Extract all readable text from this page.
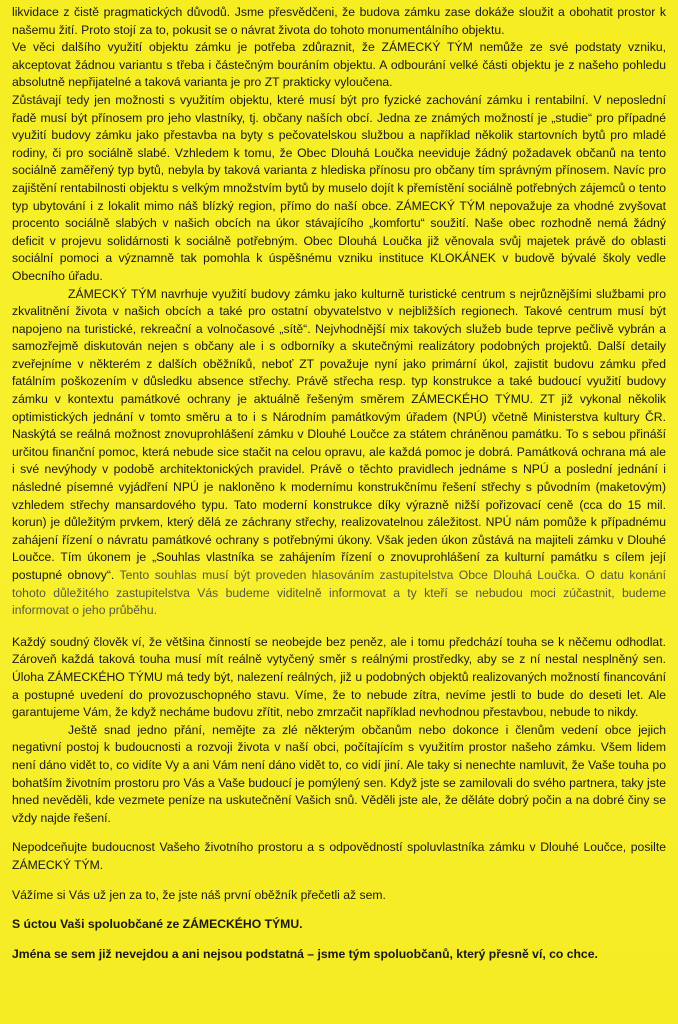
likvidace z čistě pragmatických důvodů. Jsme přesvědčeni, že budova zámku zase dokáže sloužit a obohatit prostor k našemu žití. Proto stojí za to, pokusit se o návrat života do tohoto monumentálního objektu.

Ve věci dalšího využití objektu zámku je potřeba zdůraznit, že ZÁMECKÝ TÝM nemůže ze své podstaty vzniku, akceptovat žádnou variantu s třeba i částečným bouráním objektu. A odbourání velké části objektu je z našeho pohledu absolutně nepřijatelné a taková varianta je pro ZT prakticky vyloučena.

Zůstávají tedy jen možnosti s využitím objektu, které musí být pro fyzické zachování zámku i rentabilní. V neposlední řadě musí být přínosem pro jeho vlastníky, tj. občany naších obcí. Jedna ze známých možností je „studie“ pro případné využití budovy zámku jako přestavba na byty s pečovatelskou službou a například několik startovních bytů pro mladé rodiny, či pro sociálně slabé. Vzhledem k tomu, že Obec Dlouhá Loučka neeviduje žádný požadavek občanů na tento sociálně zaměřený typ bytů, nebyla by taková varianta z hlediska přínosu pro občany tím správným přínosem. Navíc pro zajištění rentabilnosti objektu s velkým množstvím bytů by muselo dojít k přemístění sociálně potřebných zájemců o tento typ ubytování i z lokalit mimo náš blízký region, přímo do naší obce. ZÁMECKÝ TÝM nepovažuje za vhodné zvyšovat procento sociálně slabých v našich obcích na úkor stávajícího „komfortu“ soužití. Naše obec rozhodně nemá žádný deficit v projevu solidárnosti k sociálně potřebným. Obec Dlouhá Loučka již věnovala svůj majetek právě do oblasti sociální pomoci a významně tak pomohla k úspěšnému vzniku instituce KLOKÁNEK v budově bývalé školy vedle Obecního úřadu.

ZÁMECKÝ TÝM navrhuje využití budovy zámku jako kulturně turistické centrum s nejrůznějšími službami pro zkvalitnění života v našich obcích a také pro ostatní obyvatelstvo v nejbližších regionech. Takové centrum musí být napojeno na turistické, rekreační a volnočasové „sítě“. Nejvhodnější mix takových služeb bude teprve pečlivě vybrán a samozřejmě diskutován nejen s občany ale i s odborníky a skutečnými realizátory podobných projektů. Další detaily zveřejníme v některém z dalších oběžníků, neboť ZT považuje nyní jako primární úkol, zajistit budovu zámku před fatálním poškozením v důsledku absence střechy. Právě střecha resp. typ konstrukce a také budoucí využití budovy zámku v kontextu památkové ochrany je aktuálně řešeným směrem ZÁMECKÉHO TÝMU. ZT již vykonal několik optimistických jednání v tomto směru a to i s Národním památkovým úřadem (NPÚ) včetně Ministerstva kultury ČR. Naskýtá se reálná možnost znovuprohlášení zámku v Dlouhé Loučce za státem chráněnou památku. To s sebou přináší určitou finanční pomoc, která nebude sice stačit na celou opravu, ale každá pomoc je dobrá. Památková ochrana má ale i své nevýhody v podobě architektonických pravidel. Právě o těchto pravidlech jednáme s NPÚ a poslední jednání i následné písemné vyjádření NPÚ je nakloněno k modernímu konstrukčnímu řešení střechy s původním (maketovým) vzhledem střechy mansardového typu. Tato moderní konstrukce díky výrazně nižší pořizovací ceně (cca do 15 mil. korun) je důležitým prvkem, který dělá ze záchrany střechy, realizovatelnou záležitost. NPÚ nám pomůže k případnému zahájení řízení o návratu památkové ochrany s potřebnými úkony. Však jeden úkon zůstává na majiteli zámku v Dlouhé Loučce. Tím úkonem je „Souhlas vlastníka se zahájením řízení o znovuprohlášení za kulturní památku s cílem její postupné obnovy“. Tento souhlas musí být proveden hlasováním zastupitelstva Obce Dlouhá Loučka. O datu konání tohoto důležitého zastupitelstva Vás budeme viditelně informovat a ty kteří se nebudou moci zúčastnit, budeme informovat o jeho průběhu.

Každý soudný člověk ví, že většina činností se neobejde bez peněz, ale i tomu předchází touha se k něčemu odhodlat. Zároveň každá taková touha musí mít reálně vytyčený směr s reálnými prostředky, aby se z ní nestal nesplněný sen. Úloha ZÁMECKÉHO TÝMU má tedy být, nalezení reálných, již u podobných objektů realizovaných možností financování a postupné uvedení do provozuschopného stavu. Víme, že to nebude zítra, nevíme jestli to bude do deseti let. Ale garantujeme Vám, že když necháme budovu zřítit, nebo zmrzačit například nevhodnou přestavbou, nebude to nikdy.

Ještě snad jedno přání, nemějte za zlé některým občanům nebo dokonce i členům vedení obce jejich negativní postoj k budoucnosti a rozvoji života v naší obci, počítajícím s využitím prostor našeho zámku. Všem lidem není dáno vidět to, co vidíte Vy a ani Vám není dáno vidět to, co vidí jiní. Ale taky si nenechte namluvit, že Vaše touha po bohatším životním prostoru pro Vás a Vaše budoucí je pomýlený sen. Když jste se zamilovali do svého partnera, taky jste hned nevěděli, kde vezmete peníze na uskutečnění Vašich snů. Věděli jste ale, že děláte dobrý počin a na dobré činy se vždy najde řešení.

Nepodceňujte budoucnost Vašeho životního prostoru a s odpovědností spoluvlastníka zámku v Dlouhé Loučce, posilte ZÁMECKÝ TÝM.

Vážíme si Vás už jen za to, že jste náš první oběžník přečetli až sem.

S úctou Vaši spoluobčané ze ZÁMECKÉHO TÝMU.

Jména se sem již nevejdou a ani nejsou podstatná – jsme tým spoluobčanů, který přesně ví, co chce.
